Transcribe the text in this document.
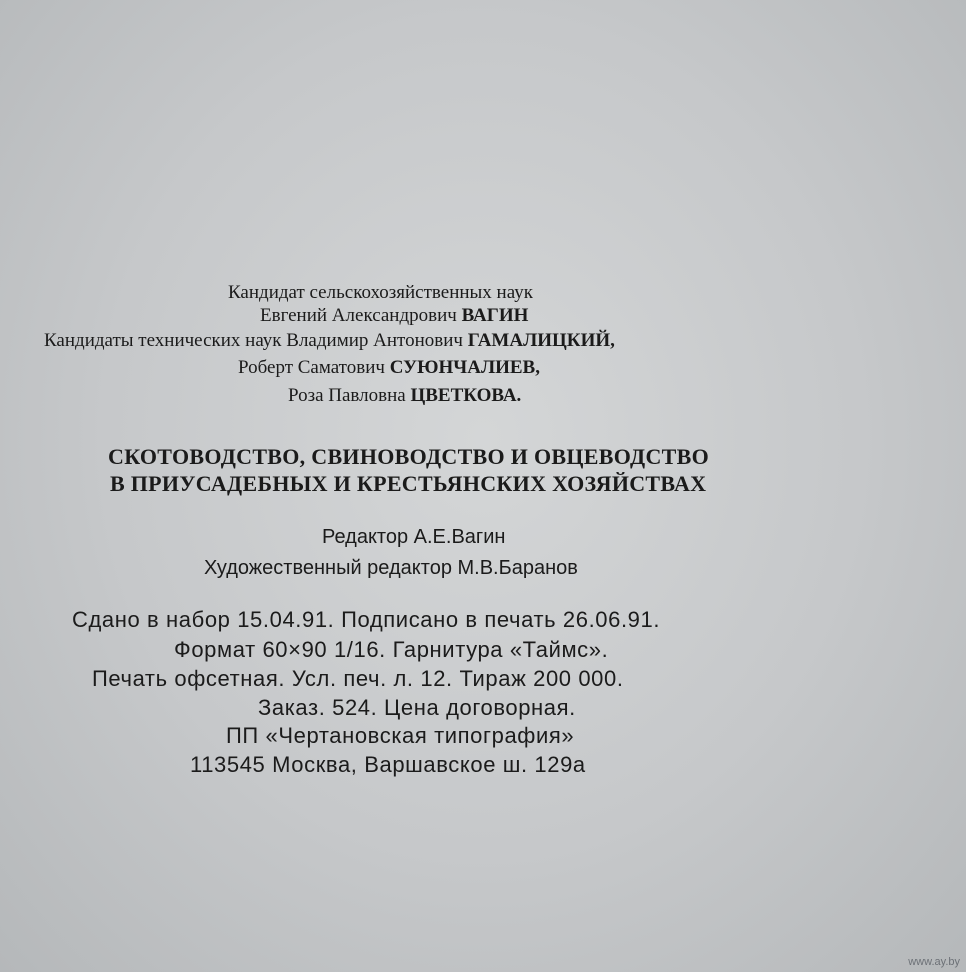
Кандидат сельскохозяйственных наук
Евгений Александрович ВАГИН
Кандидаты технических наук Владимир Антонович ГАМАЛИЦКИЙ,
Роберт Саматович СУЮНЧАЛИЕВ,
Роза Павловна ЦВЕТКОВА.
СКОТОВОДСТВО, СВИНОВОДСТВО И ОВЦЕВОДСТВО
В ПРИУСАДЕБНЫХ И КРЕСТЬЯНСКИХ ХОЗЯЙСТВАХ
Редактор А.Е.Вагин
Художественный редактор М.В.Баранов
Сдано в набор 15.04.91. Подписано в печать 26.06.91.
Формат 60×90 1/16. Гарнитура «Таймс».
Печать офсетная. Усл. печ. л. 12. Тираж 200 000.
Заказ. 524. Цена договорная.
ПП «Чертановская типография»
113545 Москва, Варшавское ш. 129а
www.ay.by
